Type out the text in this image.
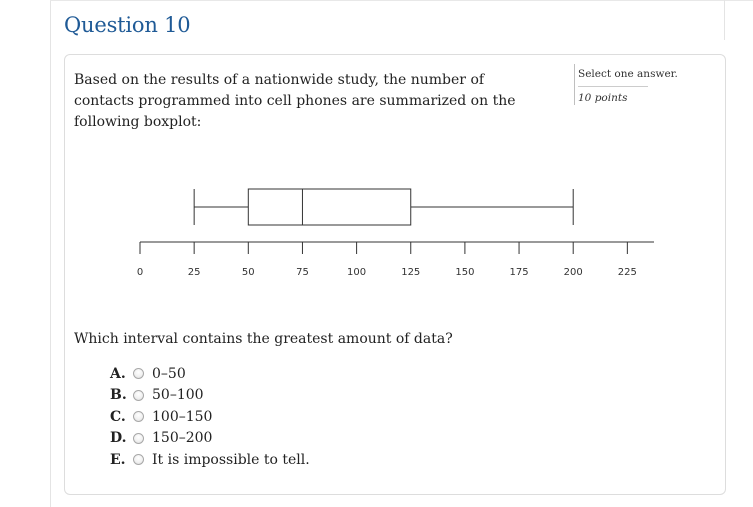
Question 10
Based on the results of a nationwide study, the number of contacts programmed into cell phones are summarized on the following boxplot:
Select one answer.
10 points
0	25	50	75	100	125	150	175	200	225
Which interval contains the greatest amount of data?
A.	0–50
B.	50–100
C.	100–150
D.	150–200
E.	It is impossible to tell.
